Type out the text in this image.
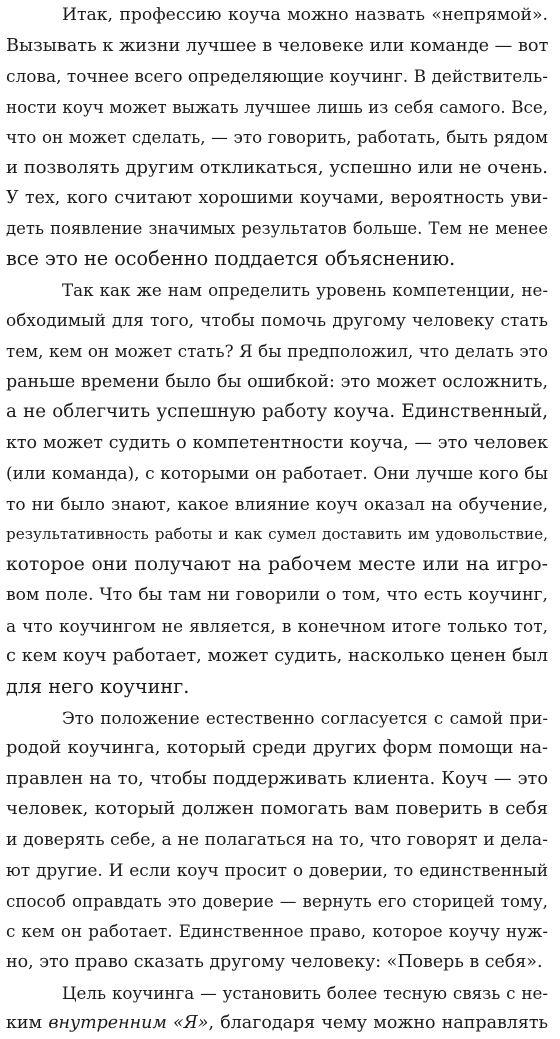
Итак, профессию коуча можно назвать «непрямой».
Вызывать к жизни лучшее в человеке или команде — вот
слова, точнее всего определяющие коучинг. В действитель-
ности коуч может выжать лучшее лишь из себя самого. Все,
что он может сделать, — это говорить, работать, быть рядом
и позволять другим откликаться, успешно или не очень.
У тех, кого считают хорошими коучами, вероятность уви-
деть появление значимых результатов больше. Тем не менее
все это не особенно поддается объяснению.
Так как же нам определить уровень компетенции, не-
обходимый для того, чтобы помочь другому человеку стать
тем, кем он может стать? Я бы предположил, что делать это
раньше времени было бы ошибкой: это может осложнить,
а не облегчить успешную работу коуча. Единственный,
кто может судить о компетентности коуча, — это человек
(или команда), с которыми он работает. Они лучше кого бы
то ни было знают, какое влияние коуч оказал на обучение,
результативность работы и как сумел доставить им удовольствие,
которое они получают на рабочем месте или на игро-
вом поле. Что бы там ни говорили о том, что есть коучинг,
а что коучингом не является, в конечном итоге только тот,
с кем коуч работает, может судить, насколько ценен был
для него коучинг.
Это положение естественно согласуется с самой при-
родой коучинга, который среди других форм помощи на-
правлен на то, чтобы поддерживать клиента. Коуч — это
человек, который должен помогать вам поверить в себя
и доверять себе, а не полагаться на то, что говорят и дела-
ют другие. И если коуч просит о доверии, то единственный
способ оправдать это доверие — вернуть его сторицей тому,
с кем он работает. Единственное право, которое коучу нуж-
но, это право сказать другому человеку: «Поверь в себя».
Цель коучинга — установить более тесную связь с не-
ким внутренним «Я», благодаря чему можно направлять
